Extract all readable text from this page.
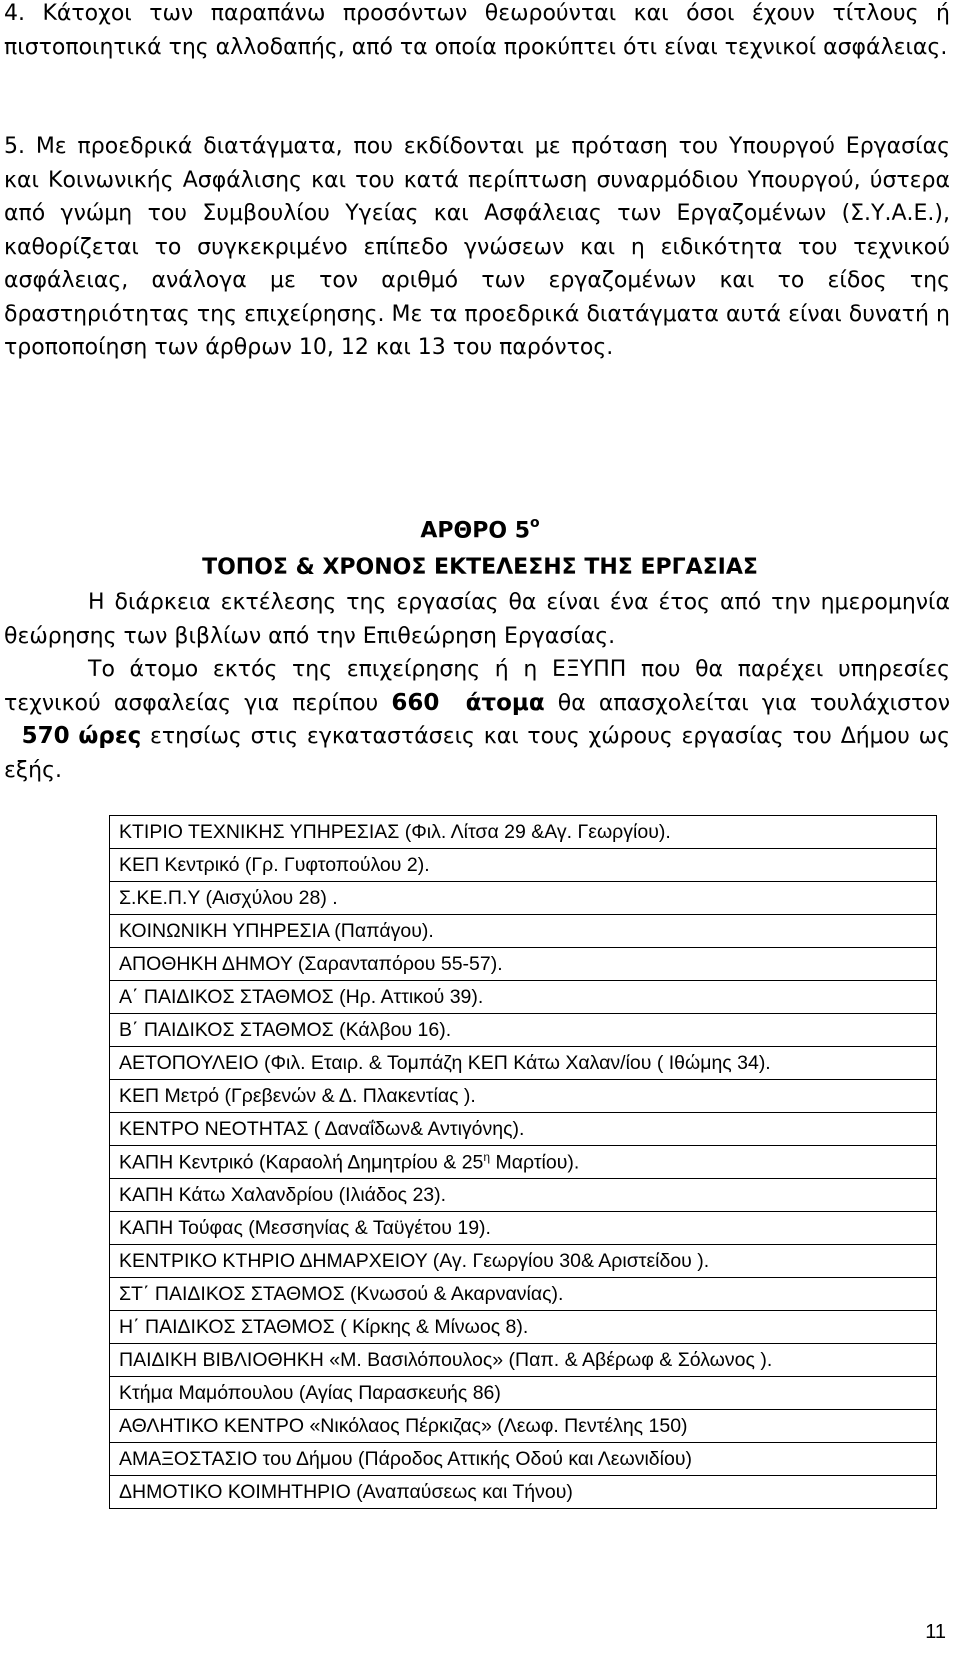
4. Κάτοχοι των παραπάνω προσόντων θεωρούνται και όσοι έχουν τίτλους ή πιστοποιητικά της αλλοδαπής, από τα οποία προκύπτει ότι είναι τεχνικοί ασφάλειας.
5. Με προεδρικά διατάγματα, που εκδίδονται με πρόταση του Υπουργού Εργασίας και Κοινωνικής Ασφάλισης και του κατά περίπτωση συναρμόδιου Υπουργού, ύστερα από γνώμη του Συμβουλίου Υγείας και Ασφάλειας των Εργαζομένων (Σ.Υ.Α.Ε.), καθορίζεται το συγκεκριμένο επίπεδο γνώσεων και η ειδικότητα του τεχνικού ασφάλειας, ανάλογα με τον αριθμό των εργαζομένων και το είδος της δραστηριότητας της επιχείρησης. Με τα προεδρικά διατάγματα αυτά είναι δυνατή η τροποποίηση των άρθρων 10, 12 και 13 του παρόντος.
ΑΡΘΡΟ $5^o$
ΤΟΠΟΣ & ΧΡΟΝΟΣ ΕΚΤΕΛΕΣΗΣ ΤΗΣ ΕΡΓΑΣΙΑΣ
Η διάρκεια εκτέλεσης της εργασίας θα είναι ένα έτος από την ημερομηνία θεώρησης των βιβλίων από την Επιθεώρηση Εργασίας.
Το άτομο εκτός της επιχείρησης ή η ΕΞΥΠΠ που θα παρέχει υπηρεσίες τεχνικού ασφαλείας για περίπου 660 άτομα θα απασχολείται για τουλάχιστον   570 ώρες ετησίως στις εγκαταστάσεις και τους χώρους εργασίας του Δήμου ως εξής.
ΚΤΙΡΙΟ ΤΕΧΝΙΚΗΣ ΥΠΗΡΕΣΙΑΣ (Φιλ. Λίτσα 29 &Αγ. Γεωργίου).
ΚΕΠ Κεντρικό (Γρ. Γυφτοπούλου 2).
Σ.ΚΕ.Π.Υ (Αισχύλου 28) .
ΚΟΙΝΩΝΙΚΗ ΥΠΗΡΕΣΙΑ (Παπάγου).
ΑΠΟΘΗΚΗ ΔΗΜΟΥ (Σαρανταπόρου 55-57).
Α΄ ΠΑΙΔΙΚΟΣ ΣΤΑΘΜΟΣ (Ηρ. Αττικού 39).
Β΄ ΠΑΙΔΙΚΟΣ ΣΤΑΘΜΟΣ (Κάλβου 16).
ΑΕΤΟΠΟΥΛΕΙΟ (Φιλ. Εταιρ. & Τομπάζη ΚΕΠ Κάτω Χαλαν/ίου ( Ιθώμης 34).
ΚΕΠ Μετρό (Γρεβενών & Δ. Πλακεντίας ).
ΚΕΝΤΡΟ ΝΕΟΤΗΤΑΣ ( Δαναΐδων& Αντιγόνης).
ΚΑΠΗ Κεντρικό (Καραολή Δημητρίου & $25^\eta$ Μαρτίου).
ΚΑΠΗ Κάτω Χαλανδρίου (Ιλιάδος 23).
ΚΑΠΗ Τούφας (Μεσσηνίας & Ταϋγέτου 19).
ΚΕΝΤΡΙΚΟ ΚΤΗΡΙΟ ΔΗΜΑΡΧΕΙΟΥ (Αγ. Γεωργίου 30& Αριστείδου ).
ΣΤ΄ ΠΑΙΔΙΚΟΣ ΣΤΑΘΜΟΣ (Κνωσού & Ακαρνανίας).
Η΄ ΠΑΙΔΙΚΟΣ ΣΤΑΘΜΟΣ ( Κίρκης & Μίνωος 8).
ΠΑΙΔΙΚΗ ΒΙΒΛΙΟΘΗΚΗ «Μ. Βασιλόπουλος» (Παπ. & Αβέρωφ & Σόλωνος ).
Κτήμα Μαμόπουλου (Αγίας Παρασκευής 86)
ΑΘΛΗΤΙΚΟ ΚΕΝΤΡΟ «Νικόλαος Πέρκιζας» (Λεωφ. Πεντέλης 150)
ΑΜΑΞΟΣΤΑΣΙΟ του Δήμου (Πάροδος Αττικής Οδού και Λεωνιδίου)
ΔΗΜΟΤΙΚΟ ΚΟΙΜΗΤΗΡΙΟ (Αναπαύσεως και Τήνου)
11
